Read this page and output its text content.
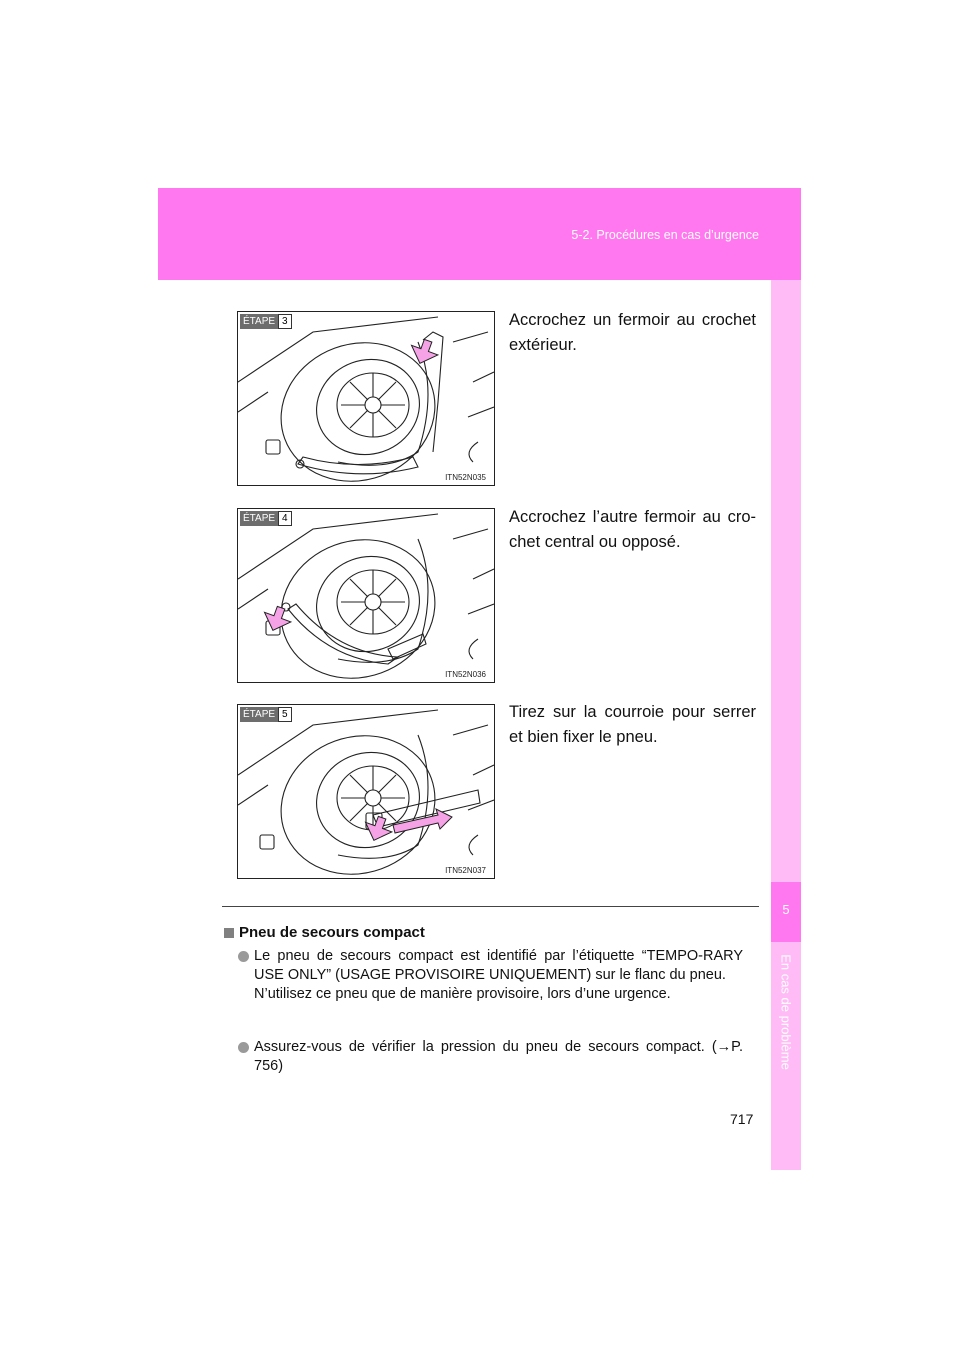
5-2. Procédures en cas d’urgence
5
En cas de problème
ÉTAPE 3
ITN52N035
Accrochez un fermoir au crochet extérieur.
ÉTAPE 4
ITN52N036
Accrochez l’autre fermoir au cro-chet central ou opposé.
ÉTAPE 5
ITN52N037
Tirez sur la courroie pour serrer et bien fixer le pneu.
Pneu de secours compact
Le pneu de secours compact est identifié par l’étiquette “TEMPO-RARY USE ONLY” (USAGE PROVISOIRE UNIQUEMENT) sur le flanc du pneu.
N’utilisez ce pneu que de manière provisoire, lors d’une urgence.
Assurez-vous de vérifier la pression du pneu de secours compact. (→P. 756)
717
